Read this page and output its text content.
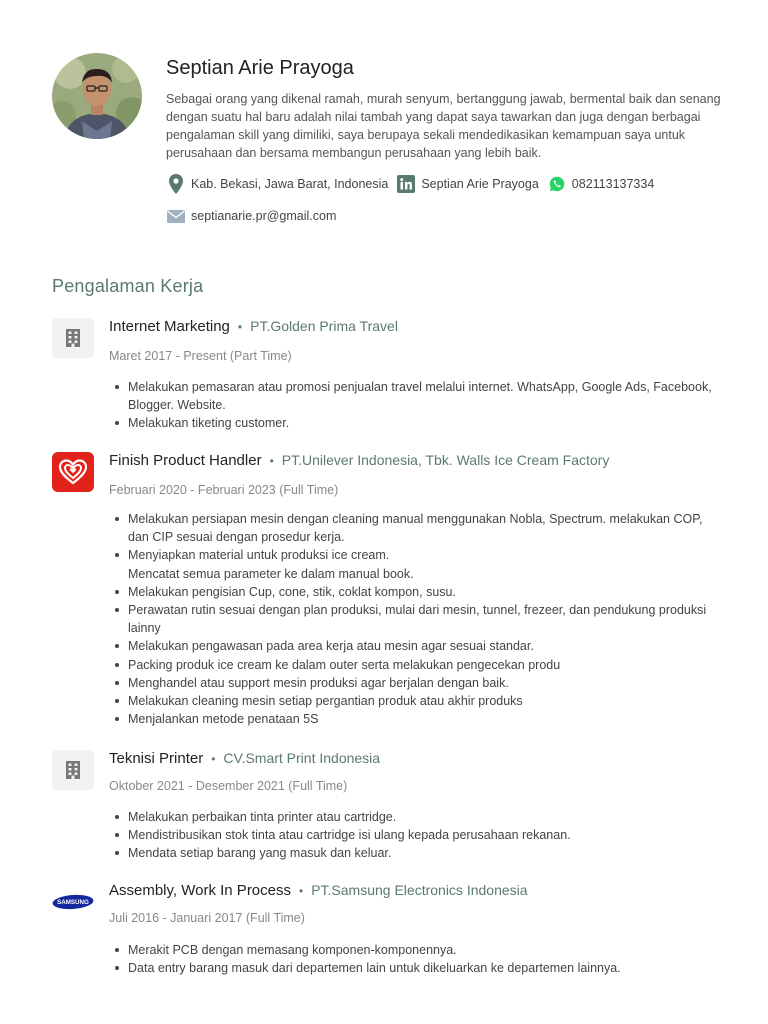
Septian Arie Prayoga
Sebagai orang yang dikenal ramah, murah senyum, bertanggung jawab, bermental baik dan senang dengan suatu hal baru adalah nilai tambah yang dapat saya tawarkan dan juga dengan berbagai pengalaman skill yang dimiliki, saya berupaya sekali mendedikasikan kemampuan saya untuk perusahaan dan bersama membangun perusahaan yang lebih baik.
Kab. Bekasi, Jawa Barat, Indonesia	Septian Arie Prayoga	082113137334
septianarie.pr@gmail.com
Pengalaman Kerja
Internet Marketing • PT.Golden Prima Travel
Maret 2017 - Present (Part Time)
Melakukan pemasaran atau promosi penjualan travel melalui internet. WhatsApp, Google Ads, Facebook, Blogger. Website.
Melakukan tiketing customer.
Finish Product Handler • PT.Unilever Indonesia, Tbk. Walls Ice Cream Factory
Februari 2020 - Februari 2023 (Full Time)
Melakukan persiapan mesin dengan cleaning manual menggunakan Nobla, Spectrum. melakukan COP, dan CIP sesuai dengan prosedur kerja.
Menyiapkan material untuk produksi ice cream.
Mencatat semua parameter ke dalam manual book.
Melakukan pengisian Cup, cone, stik, coklat kompon, susu.
Perawatan rutin sesuai dengan plan produksi, mulai dari mesin, tunnel, frezeer, dan pendukung produksi lainny
Melakukan pengawasan pada area kerja atau mesin agar sesuai standar.
Packing produk ice cream ke dalam outer serta melakukan pengecekan produ
Menghandel atau support mesin produksi agar berjalan dengan baik.
Melakukan cleaning mesin setiap pergantian produk atau akhir produks
Menjalankan metode penataan 5S
Teknisi Printer • CV.Smart Print Indonesia
Oktober 2021 - Desember 2021 (Full Time)
Melakukan perbaikan tinta printer atau cartridge.
Mendistribusikan stok tinta atau cartridge isi ulang kepada perusahaan rekanan.
Mendata setiap barang yang masuk dan keluar.
SAMSUNG
Assembly, Work In Process • PT.Samsung Electronics Indonesia
Juli 2016 - Januari 2017 (Full Time)
Merakit PCB dengan memasang komponen-komponennya.
Data entry barang masuk dari departemen lain untuk dikeluarkan ke departemen lainnya.
